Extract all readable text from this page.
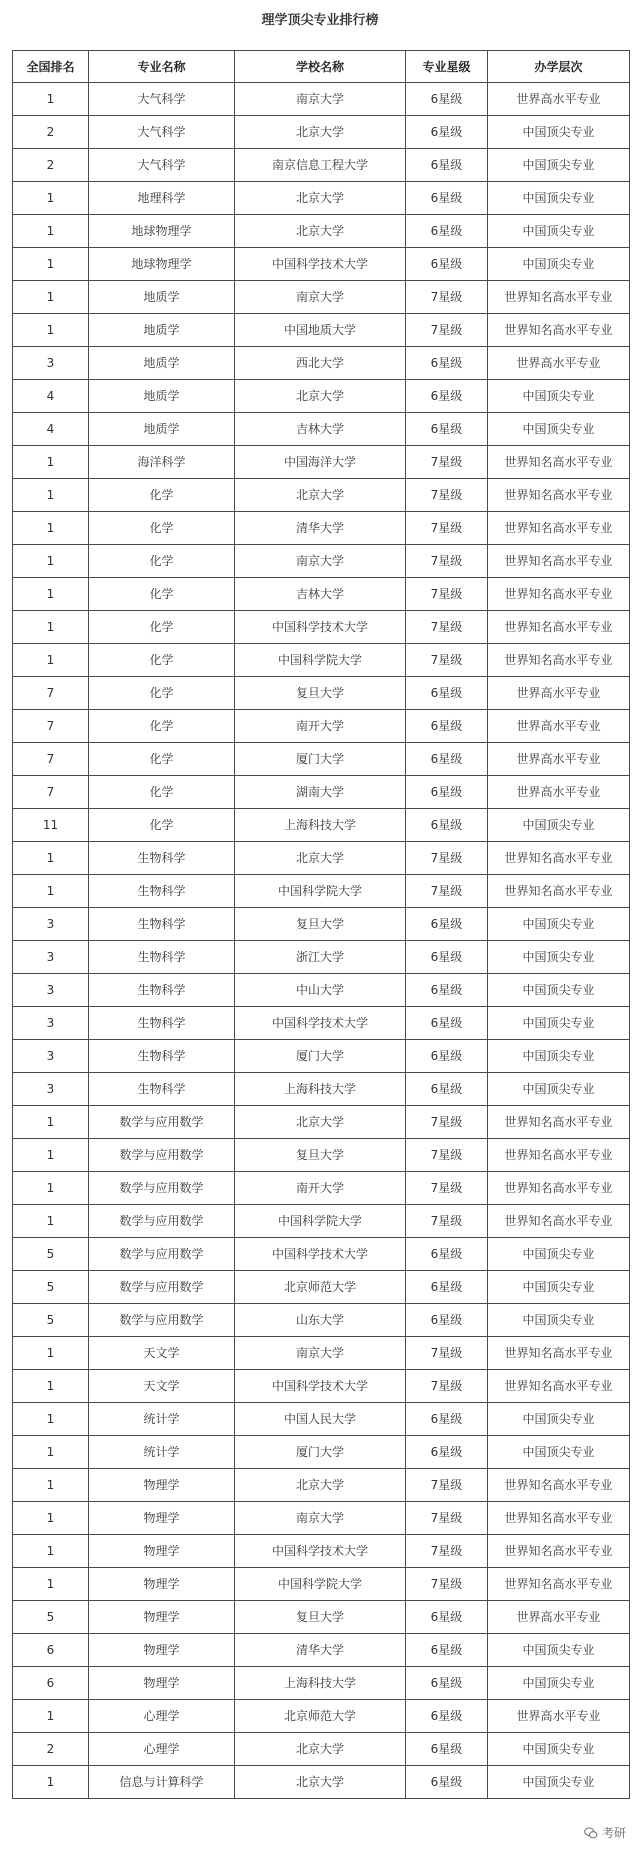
理学顶尖专业排行榜
全国排名	专业名称	学校名称	专业星级	办学层次
1	大气科学	南京大学	6星级	世界高水平专业
2	大气科学	北京大学	6星级	中国顶尖专业
2	大气科学	南京信息工程大学	6星级	中国顶尖专业
1	地理科学	北京大学	6星级	中国顶尖专业
1	地球物理学	北京大学	6星级	中国顶尖专业
1	地球物理学	中国科学技术大学	6星级	中国顶尖专业
1	地质学	南京大学	7星级	世界知名高水平专业
1	地质学	中国地质大学	7星级	世界知名高水平专业
3	地质学	西北大学	6星级	世界高水平专业
4	地质学	北京大学	6星级	中国顶尖专业
4	地质学	吉林大学	6星级	中国顶尖专业
1	海洋科学	中国海洋大学	7星级	世界知名高水平专业
1	化学	北京大学	7星级	世界知名高水平专业
1	化学	清华大学	7星级	世界知名高水平专业
1	化学	南京大学	7星级	世界知名高水平专业
1	化学	吉林大学	7星级	世界知名高水平专业
1	化学	中国科学技术大学	7星级	世界知名高水平专业
1	化学	中国科学院大学	7星级	世界知名高水平专业
7	化学	复旦大学	6星级	世界高水平专业
7	化学	南开大学	6星级	世界高水平专业
7	化学	厦门大学	6星级	世界高水平专业
7	化学	湖南大学	6星级	世界高水平专业
11	化学	上海科技大学	6星级	中国顶尖专业
1	生物科学	北京大学	7星级	世界知名高水平专业
1	生物科学	中国科学院大学	7星级	世界知名高水平专业
3	生物科学	复旦大学	6星级	中国顶尖专业
3	生物科学	浙江大学	6星级	中国顶尖专业
3	生物科学	中山大学	6星级	中国顶尖专业
3	生物科学	中国科学技术大学	6星级	中国顶尖专业
3	生物科学	厦门大学	6星级	中国顶尖专业
3	生物科学	上海科技大学	6星级	中国顶尖专业
1	数学与应用数学	北京大学	7星级	世界知名高水平专业
1	数学与应用数学	复旦大学	7星级	世界知名高水平专业
1	数学与应用数学	南开大学	7星级	世界知名高水平专业
1	数学与应用数学	中国科学院大学	7星级	世界知名高水平专业
5	数学与应用数学	中国科学技术大学	6星级	中国顶尖专业
5	数学与应用数学	北京师范大学	6星级	中国顶尖专业
5	数学与应用数学	山东大学	6星级	中国顶尖专业
1	天文学	南京大学	7星级	世界知名高水平专业
1	天文学	中国科学技术大学	7星级	世界知名高水平专业
1	统计学	中国人民大学	6星级	中国顶尖专业
1	统计学	厦门大学	6星级	中国顶尖专业
1	物理学	北京大学	7星级	世界知名高水平专业
1	物理学	南京大学	7星级	世界知名高水平专业
1	物理学	中国科学技术大学	7星级	世界知名高水平专业
1	物理学	中国科学院大学	7星级	世界知名高水平专业
5	物理学	复旦大学	6星级	世界高水平专业
6	物理学	清华大学	6星级	中国顶尖专业
6	物理学	上海科技大学	6星级	中国顶尖专业
1	心理学	北京师范大学	6星级	世界高水平专业
2	心理学	北京大学	6星级	中国顶尖专业
1	信息与计算科学	北京大学	6星级	中国顶尖专业
考研
